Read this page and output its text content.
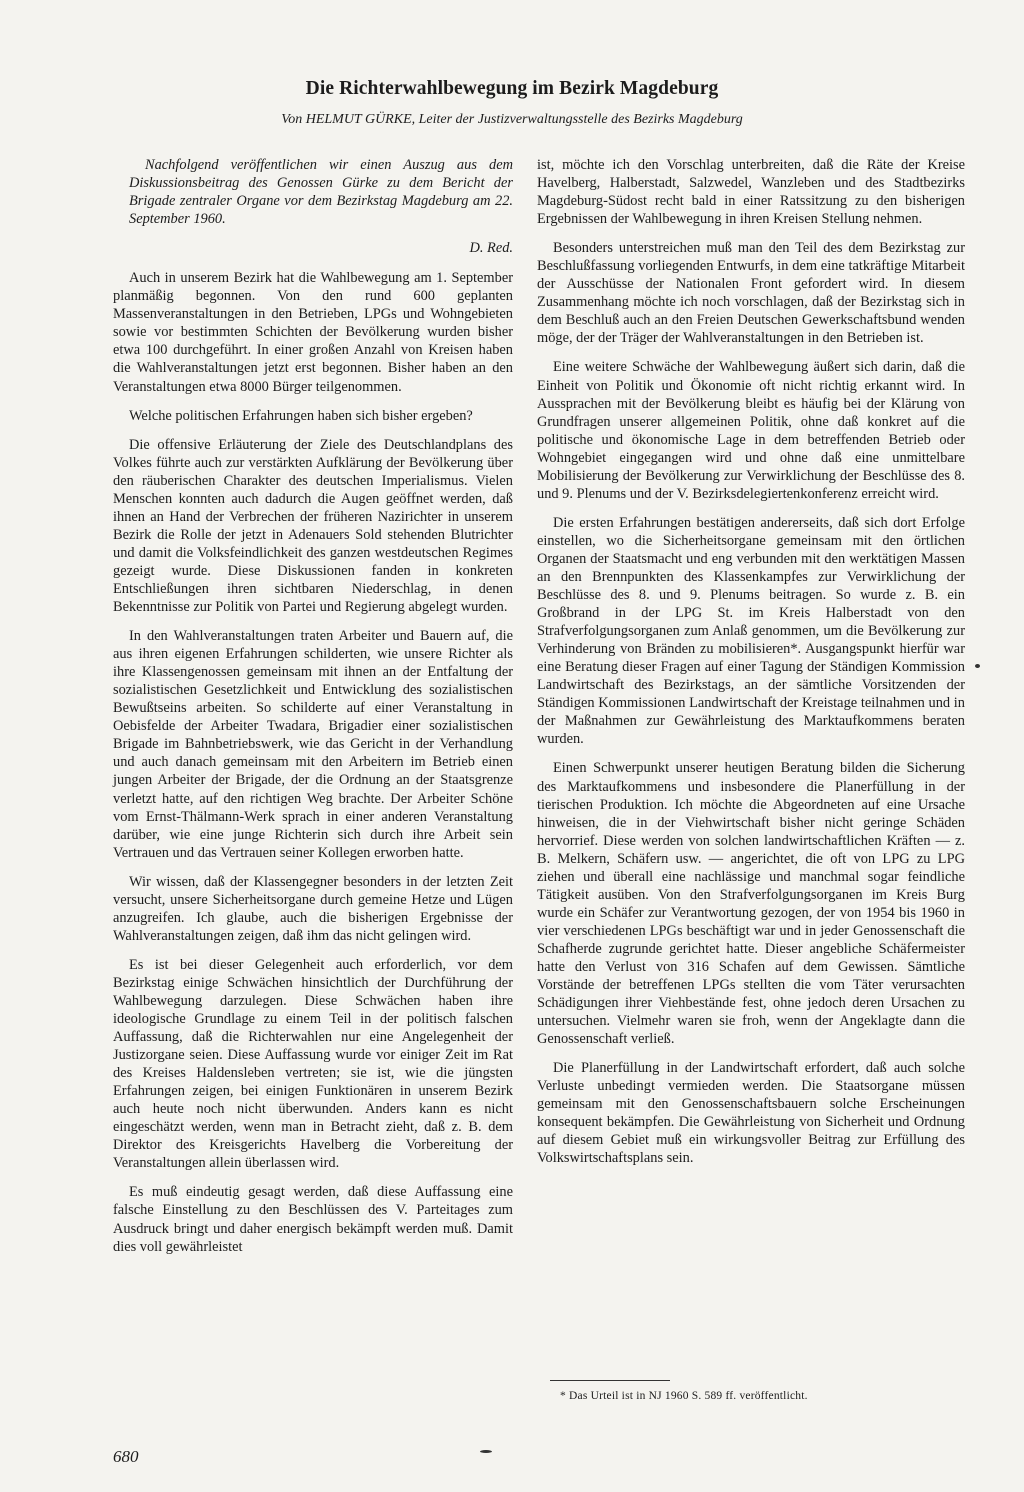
Die Richterwahlbewegung im Bezirk Magdeburg
Von HELMUT GÜRKE, Leiter der Justizverwaltungsstelle des Bezirks Magdeburg

Nachfolgend veröffentlichen wir einen Auszug aus dem Diskussionsbeitrag des Genossen Gürke zu dem Bericht der Brigade zentraler Organe vor dem Bezirkstag Magdeburg am 22. September 1960.

D. Red.

Auch in unserem Bezirk hat die Wahlbewegung am 1. September planmäßig begonnen. Von den rund 600 geplanten Massenveranstaltungen in den Betrieben, LPGs und Wohngebieten sowie vor bestimmten Schichten der Bevölkerung wurden bisher etwa 100 durchgeführt. In einer großen Anzahl von Kreisen haben die Wahlveranstaltungen jetzt erst begonnen. Bisher haben an den Veranstaltungen etwa 8000 Bürger teilgenommen.

Welche politischen Erfahrungen haben sich bisher ergeben?

Die offensive Erläuterung der Ziele des Deutschlandplans des Volkes führte auch zur verstärkten Aufklärung der Bevölkerung über den räuberischen Charakter des deutschen Imperialismus. Vielen Menschen konnten auch dadurch die Augen geöffnet werden, daß ihnen an Hand der Verbrechen der früheren Nazirichter in unserem Bezirk die Rolle der jetzt in Adenauers Sold stehenden Blutrichter und damit die Volksfeindlichkeit des ganzen westdeutschen Regimes gezeigt wurde. Diese Diskussionen fanden in konkreten Entschließungen ihren sichtbaren Niederschlag, in denen Bekenntnisse zur Politik von Partei und Regierung abgelegt wurden.

In den Wahlveranstaltungen traten Arbeiter und Bauern auf, die aus ihren eigenen Erfahrungen schilderten, wie unsere Richter als ihre Klassengenossen gemeinsam mit ihnen an der Entfaltung der sozialistischen Gesetzlichkeit und Entwicklung des sozialistischen Bewußtseins arbeiten. So schilderte auf einer Veranstaltung in Oebisfelde der Arbeiter Twadara, Brigadier einer sozialistischen Brigade im Bahnbetriebswerk, wie das Gericht in der Verhandlung und auch danach gemeinsam mit den Arbeitern im Betrieb einen jungen Arbeiter der Brigade, der die Ordnung an der Staatsgrenze verletzt hatte, auf den richtigen Weg brachte. Der Arbeiter Schöne vom Ernst-Thälmann-Werk sprach in einer anderen Veranstaltung darüber, wie eine junge Richterin sich durch ihre Arbeit sein Vertrauen und das Vertrauen seiner Kollegen erworben hatte.

Wir wissen, daß der Klassengegner besonders in der letzten Zeit versucht, unsere Sicherheitsorgane durch gemeine Hetze und Lügen anzugreifen. Ich glaube, auch die bisherigen Ergebnisse der Wahlveranstaltungen zeigen, daß ihm das nicht gelingen wird.

Es ist bei dieser Gelegenheit auch erforderlich, vor dem Bezirkstag einige Schwächen hinsichtlich der Durchführung der Wahlbewegung darzulegen. Diese Schwächen haben ihre ideologische Grundlage zu einem Teil in der politisch falschen Auffassung, daß die Richterwahlen nur eine Angelegenheit der Justizorgane seien. Diese Auffassung wurde vor einiger Zeit im Rat des Kreises Haldensleben vertreten; sie ist, wie die jüngsten Erfahrungen zeigen, bei einigen Funktionären in unserem Bezirk auch heute noch nicht überwunden. Anders kann es nicht eingeschätzt werden, wenn man in Betracht zieht, daß z. B. dem Direktor des Kreisgerichts Havelberg die Vorbereitung der Veranstaltungen allein überlassen wird.

Es muß eindeutig gesagt werden, daß diese Auffassung eine falsche Einstellung zu den Beschlüssen des V. Parteitages zum Ausdruck bringt und daher energisch bekämpft werden muß. Damit dies voll gewährleistet

ist, möchte ich den Vorschlag unterbreiten, daß die Räte der Kreise Havelberg, Halberstadt, Salzwedel, Wanzleben und des Stadtbezirks Magdeburg-Südost recht bald in einer Ratssitzung zu den bisherigen Ergebnissen der Wahlbewegung in ihren Kreisen Stellung nehmen.

Besonders unterstreichen muß man den Teil des dem Bezirkstag zur Beschlußfassung vorliegenden Entwurfs, in dem eine tatkräftige Mitarbeit der Ausschüsse der Nationalen Front gefordert wird. In diesem Zusammenhang möchte ich noch vorschlagen, daß der Bezirkstag sich in dem Beschluß auch an den Freien Deutschen Gewerkschaftsbund wenden möge, der der Träger der Wahlveranstaltungen in den Betrieben ist.

Eine weitere Schwäche der Wahlbewegung äußert sich darin, daß die Einheit von Politik und Ökonomie oft nicht richtig erkannt wird. In Aussprachen mit der Bevölkerung bleibt es häufig bei der Klärung von Grundfragen unserer allgemeinen Politik, ohne daß konkret auf die politische und ökonomische Lage in dem betreffenden Betrieb oder Wohngebiet eingegangen wird und ohne daß eine unmittelbare Mobilisierung der Bevölkerung zur Verwirklichung der Beschlüsse des 8. und 9. Plenums und der V. Bezirksdelegiertenkonferenz erreicht wird.

Die ersten Erfahrungen bestätigen andererseits, daß sich dort Erfolge einstellen, wo die Sicherheitsorgane gemeinsam mit den örtlichen Organen der Staatsmacht und eng verbunden mit den werktätigen Massen an den Brennpunkten des Klassenkampfes zur Verwirklichung der Beschlüsse des 8. und 9. Plenums beitragen. So wurde z. B. ein Großbrand in der LPG St. im Kreis Halberstadt von den Strafverfolgungsorganen zum Anlaß genommen, um die Bevölkerung zur Verhinderung von Bränden zu mobilisieren*. Ausgangspunkt hierfür war eine Beratung dieser Fragen auf einer Tagung der Ständigen Kommission Landwirtschaft des Bezirkstags, an der sämtliche Vorsitzenden der Ständigen Kommissionen Landwirtschaft der Kreistage teilnahmen und in der Maßnahmen zur Gewährleistung des Marktaufkommens beraten wurden.

Einen Schwerpunkt unserer heutigen Beratung bilden die Sicherung des Marktaufkommens und insbesondere die Planerfüllung in der tierischen Produktion. Ich möchte die Abgeordneten auf eine Ursache hinweisen, die in der Viehwirtschaft bisher nicht geringe Schäden hervorrief. Diese werden von solchen landwirtschaftlichen Kräften — z. B. Melkern, Schäfern usw. — angerichtet, die oft von LPG zu LPG ziehen und überall eine nachlässige und manchmal sogar feindliche Tätigkeit ausüben. Von den Strafverfolgungsorganen im Kreis Burg wurde ein Schäfer zur Verantwortung gezogen, der von 1954 bis 1960 in vier verschiedenen LPGs beschäftigt war und in jeder Genossenschaft die Schafherde zugrunde gerichtet hatte. Dieser angebliche Schäfermeister hatte den Verlust von 316 Schafen auf dem Gewissen. Sämtliche Vorstände der betreffenen LPGs stellten die vom Täter verursachten Schädigungen ihrer Viehbestände fest, ohne jedoch deren Ursachen zu untersuchen. Vielmehr waren sie froh, wenn der Angeklagte dann die Genossenschaft verließ.

Die Planerfüllung in der Landwirtschaft erfordert, daß auch solche Verluste unbedingt vermieden werden. Die Staatsorgane müssen gemeinsam mit den Genossenschaftsbauern solche Erscheinungen konsequent bekämpfen. Die Gewährleistung von Sicherheit und Ordnung auf diesem Gebiet muß ein wirkungsvoller Beitrag zur Erfüllung des Volkswirtschaftsplans sein.

* Das Urteil ist in NJ 1960 S. 589 ff. veröffentlicht.
680
